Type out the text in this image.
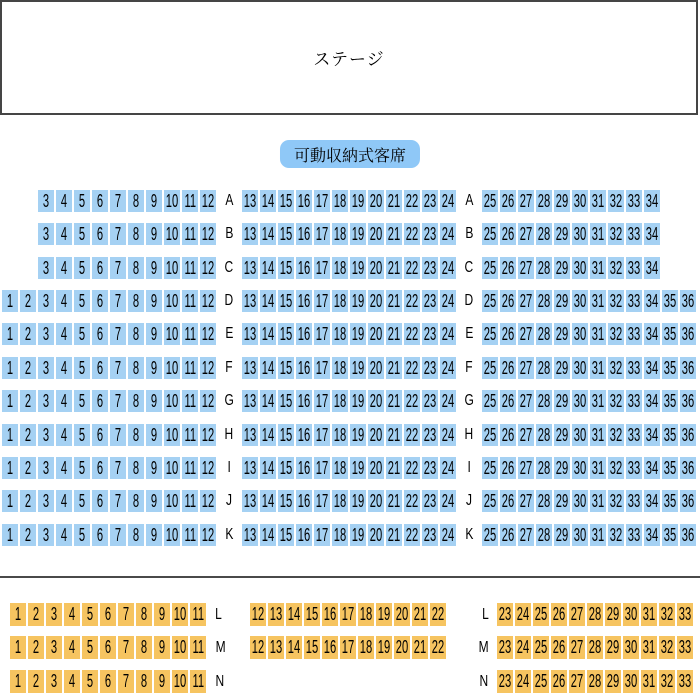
ステージ
可動収納式客席
3 4 5 6 7 8 9 10 11 12 A 13 14 15 16 17 18 19 20 21 22 23 24 A 25 26 27 28 29 30 31 32 33 34
3 4 5 6 7 8 9 10 11 12 B 13 14 15 16 17 18 19 20 21 22 23 24 B 25 26 27 28 29 30 31 32 33 34
3 4 5 6 7 8 9 10 11 12 C 13 14 15 16 17 18 19 20 21 22 23 24 C 25 26 27 28 29 30 31 32 33 34
1 2 3 4 5 6 7 8 9 10 11 12 D 13 14 15 16 17 18 19 20 21 22 23 24 D 25 26 27 28 29 30 31 32 33 34 35 36
1 2 3 4 5 6 7 8 9 10 11 12 E 13 14 15 16 17 18 19 20 21 22 23 24 E 25 26 27 28 29 30 31 32 33 34 35 36
1 2 3 4 5 6 7 8 9 10 11 12 F 13 14 15 16 17 18 19 20 21 22 23 24 F 25 26 27 28 29 30 31 32 33 34 35 36
1 2 3 4 5 6 7 8 9 10 11 12 G 13 14 15 16 17 18 19 20 21 22 23 24 G 25 26 27 28 29 30 31 32 33 34 35 36
1 2 3 4 5 6 7 8 9 10 11 12 H 13 14 15 16 17 18 19 20 21 22 23 24 H 25 26 27 28 29 30 31 32 33 34 35 36
1 2 3 4 5 6 7 8 9 10 11 12 I 13 14 15 16 17 18 19 20 21 22 23 24 I 25 26 27 28 29 30 31 32 33 34 35 36
1 2 3 4 5 6 7 8 9 10 11 12 J 13 14 15 16 17 18 19 20 21 22 23 24 J 25 26 27 28 29 30 31 32 33 34 35 36
1 2 3 4 5 6 7 8 9 10 11 12 K 13 14 15 16 17 18 19 20 21 22 23 24 K 25 26 27 28 29 30 31 32 33 34 35 36
1 2 3 4 5 6 7 8 9 10 11 L 12 13 14 15 16 17 18 19 20 21 22 L 23 24 25 26 27 28 29 30 31 32 33
1 2 3 4 5 6 7 8 9 10 11 M 12 13 14 15 16 17 18 19 20 21 22 M 23 24 25 26 27 28 29 30 31 32 33
1 2 3 4 5 6 7 8 9 10 11 N	N 23 24 25 26 27 28 29 30 31 32 33
